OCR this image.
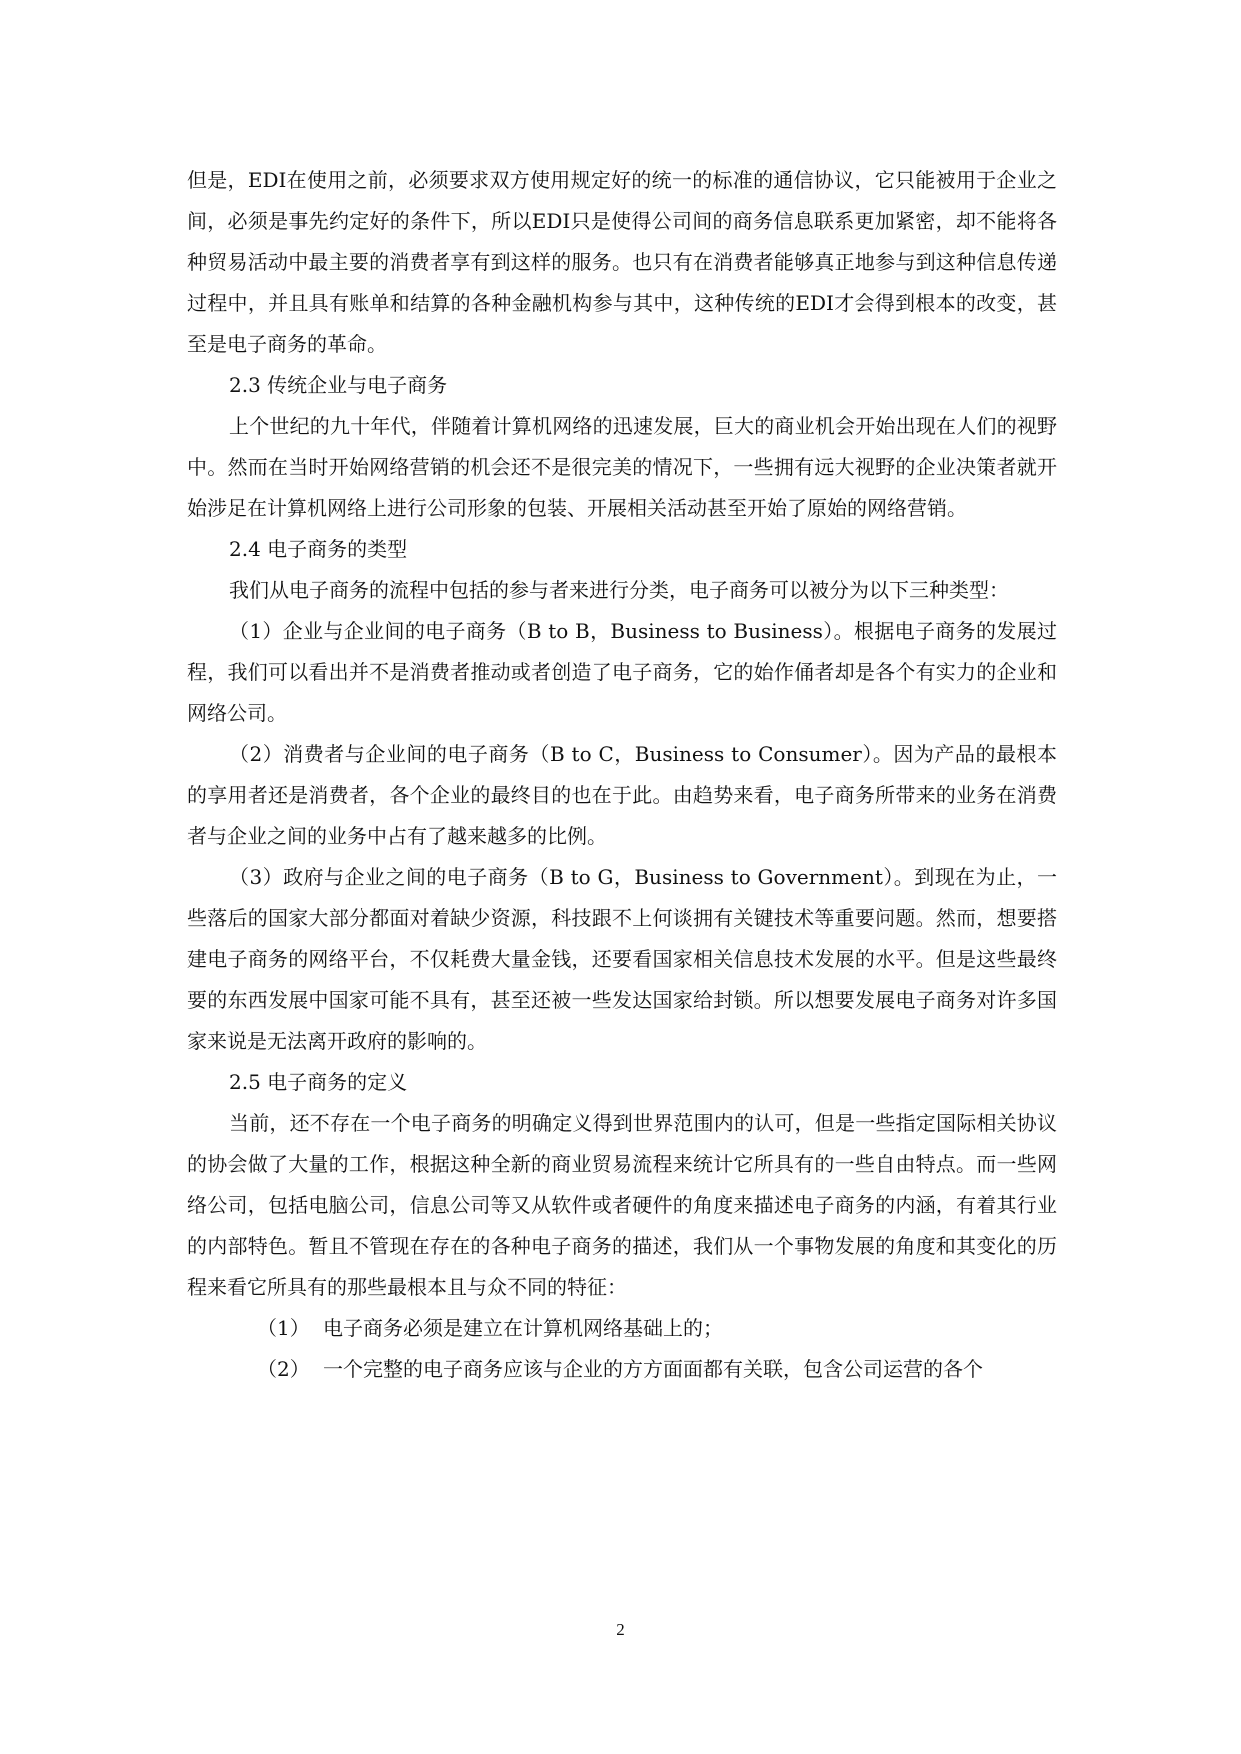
但是，EDI在使用之前，必须要求双方使用规定好的统一的标准的通信协议，它只能被用于企业之间，必须是事先约定好的条件下，所以EDI只是使得公司间的商务信息联系更加紧密，却不能将各种贸易活动中最主要的消费者享有到这样的服务。也只有在消费者能够真正地参与到这种信息传递过程中，并且具有账单和结算的各种金融机构参与其中，这种传统的EDI才会得到根本的改变，甚至是电子商务的革命。

2.3 传统企业与电子商务

上个世纪的九十年代，伴随着计算机网络的迅速发展，巨大的商业机会开始出现在人们的视野中。然而在当时开始网络营销的机会还不是很完美的情况下，一些拥有远大视野的企业决策者就开始涉足在计算机网络上进行公司形象的包装、开展相关活动甚至开始了原始的网络营销。

2.4 电子商务的类型

我们从电子商务的流程中包括的参与者来进行分类，电子商务可以被分为以下三种类型：

（1）企业与企业间的电子商务（B to B，Business to Business）。根据电子商务的发展过程，我们可以看出并不是消费者推动或者创造了电子商务，它的始作俑者却是各个有实力的企业和网络公司。

（2）消费者与企业间的电子商务（B to C，Business to Consumer）。因为产品的最根本的享用者还是消费者，各个企业的最终目的也在于此。由趋势来看，电子商务所带来的业务在消费者与企业之间的业务中占有了越来越多的比例。

（3）政府与企业之间的电子商务（B to G，Business to Government）。到现在为止，一些落后的国家大部分都面对着缺少资源，科技跟不上何谈拥有关键技术等重要问题。然而，想要搭建电子商务的网络平台，不仅耗费大量金钱，还要看国家相关信息技术发展的水平。但是这些最终要的东西发展中国家可能不具有，甚至还被一些发达国家给封锁。所以想要发展电子商务对许多国家来说是无法离开政府的影响的。

2.5 电子商务的定义

当前，还不存在一个电子商务的明确定义得到世界范围内的认可，但是一些指定国际相关协议的协会做了大量的工作，根据这种全新的商业贸易流程来统计它所具有的一些自由特点。而一些网络公司，包括电脑公司，信息公司等又从软件或者硬件的角度来描述电子商务的内涵，有着其行业的内部特色。暂且不管现在存在的各种电子商务的描述，我们从一个事物发展的角度和其变化的历程来看它所具有的那些最根本且与众不同的特征：

（1） 电子商务必须是建立在计算机网络基础上的；
（2） 一个完整的电子商务应该与企业的方方面面都有关联，包含公司运营的各个
2
